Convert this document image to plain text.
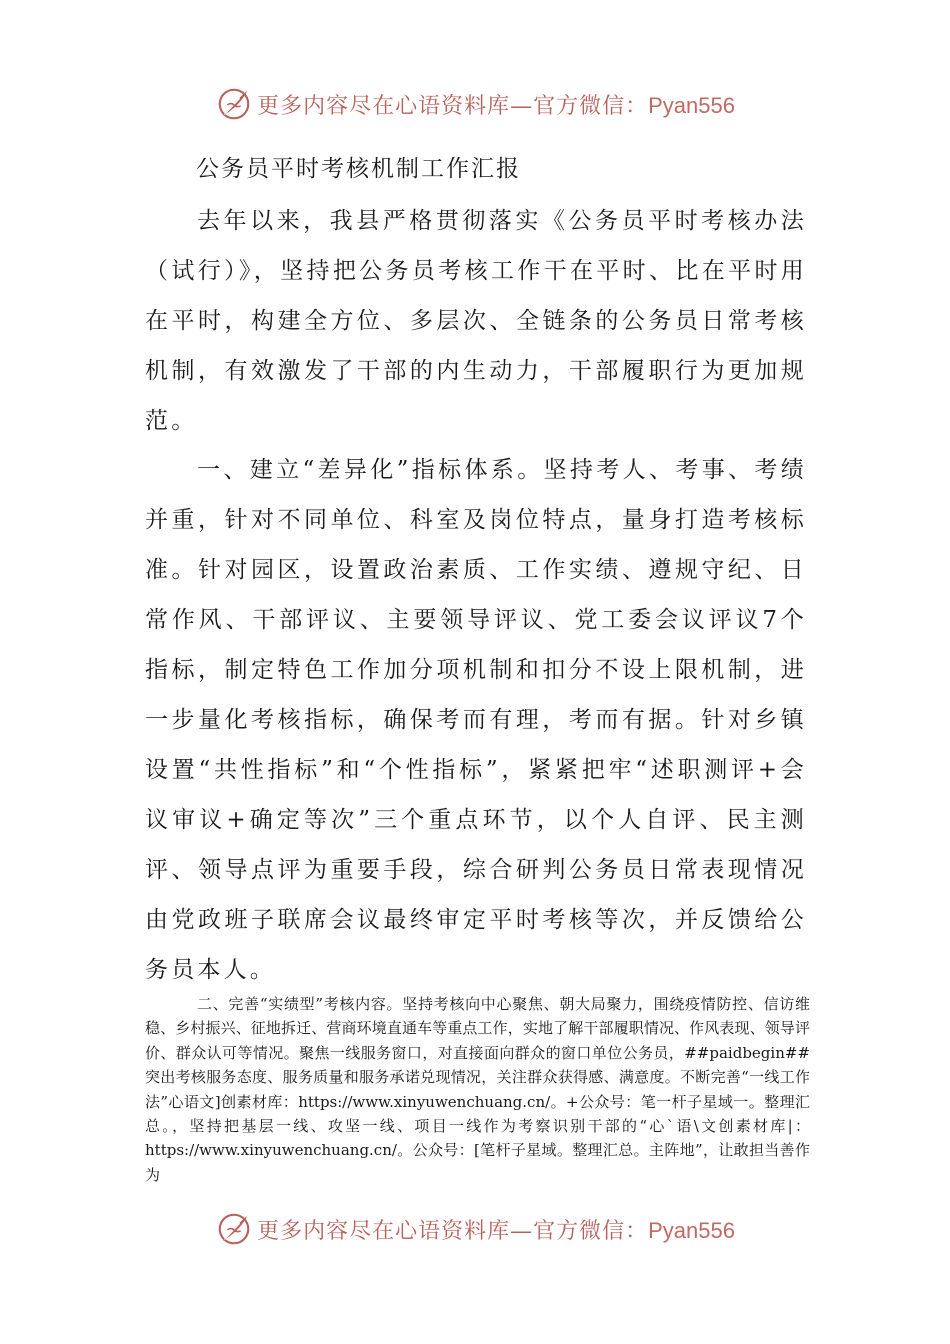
更多内容尽在心语资料库—官方微信：Pyan556
公务员平时考核机制工作汇报

去年以来，我县严格贯彻落实《公务员平时考核办法（试行）》，坚持把公务员考核工作干在平时、比在平时用在平时，构建全方位、多层次、全链条的公务员日常考核机制，有效激发了干部的内生动力，干部履职行为更加规范。

一、建立“差异化”指标体系。坚持考人、考事、考绩并重，针对不同单位、科室及岗位特点，量身打造考核标准。针对园区，设置政治素质、工作实绩、遵规守纪、日常作风、干部评议、主要领导评议、党工委会议评议7个指标，制定特色工作加分项机制和扣分不设上限机制，进一步量化考核指标，确保考而有理，考而有据。针对乡镇设置“共性指标”和“个性指标”，紧紧把牢“述职测评+会议审议+确定等次”三个重点环节，以个人自评、民主测评、领导点评为重要手段，综合研判公务员日常表现情况由党政班子联席会议最终审定平时考核等次，并反馈给公务员本人。

二、完善“实绩型”考核内容。坚持考核向中心聚焦、朝大局聚力，围绕疫情防控、信访维稳、乡村振兴、征地拆迁、营商环境直通车等重点工作，实地了解干部履职情况、作风表现、领导评价、群众认可等情况。聚焦一线服务窗口，对直接面向群众的窗口单位公务员，##paidbegin##突出考核服务态度、服务质量和服务承诺兑现情况，关注群众获得感、满意度。不断完善“一线工作法”心语文]创素材库：https://www.xinyuwenchuang.cn/。+公众号：笔一杆子星域一。整理汇总。，坚持把基层一线、攻坚一线、项目一线作为考察识别干部的“心`语\文创素材库|：https://www.xinyuwenchuang.cn/。公众号：[笔杆子星域。整理汇总。主阵地”，让敢担当善作为

更多内容尽在心语资料库—官方微信：Pyan556
